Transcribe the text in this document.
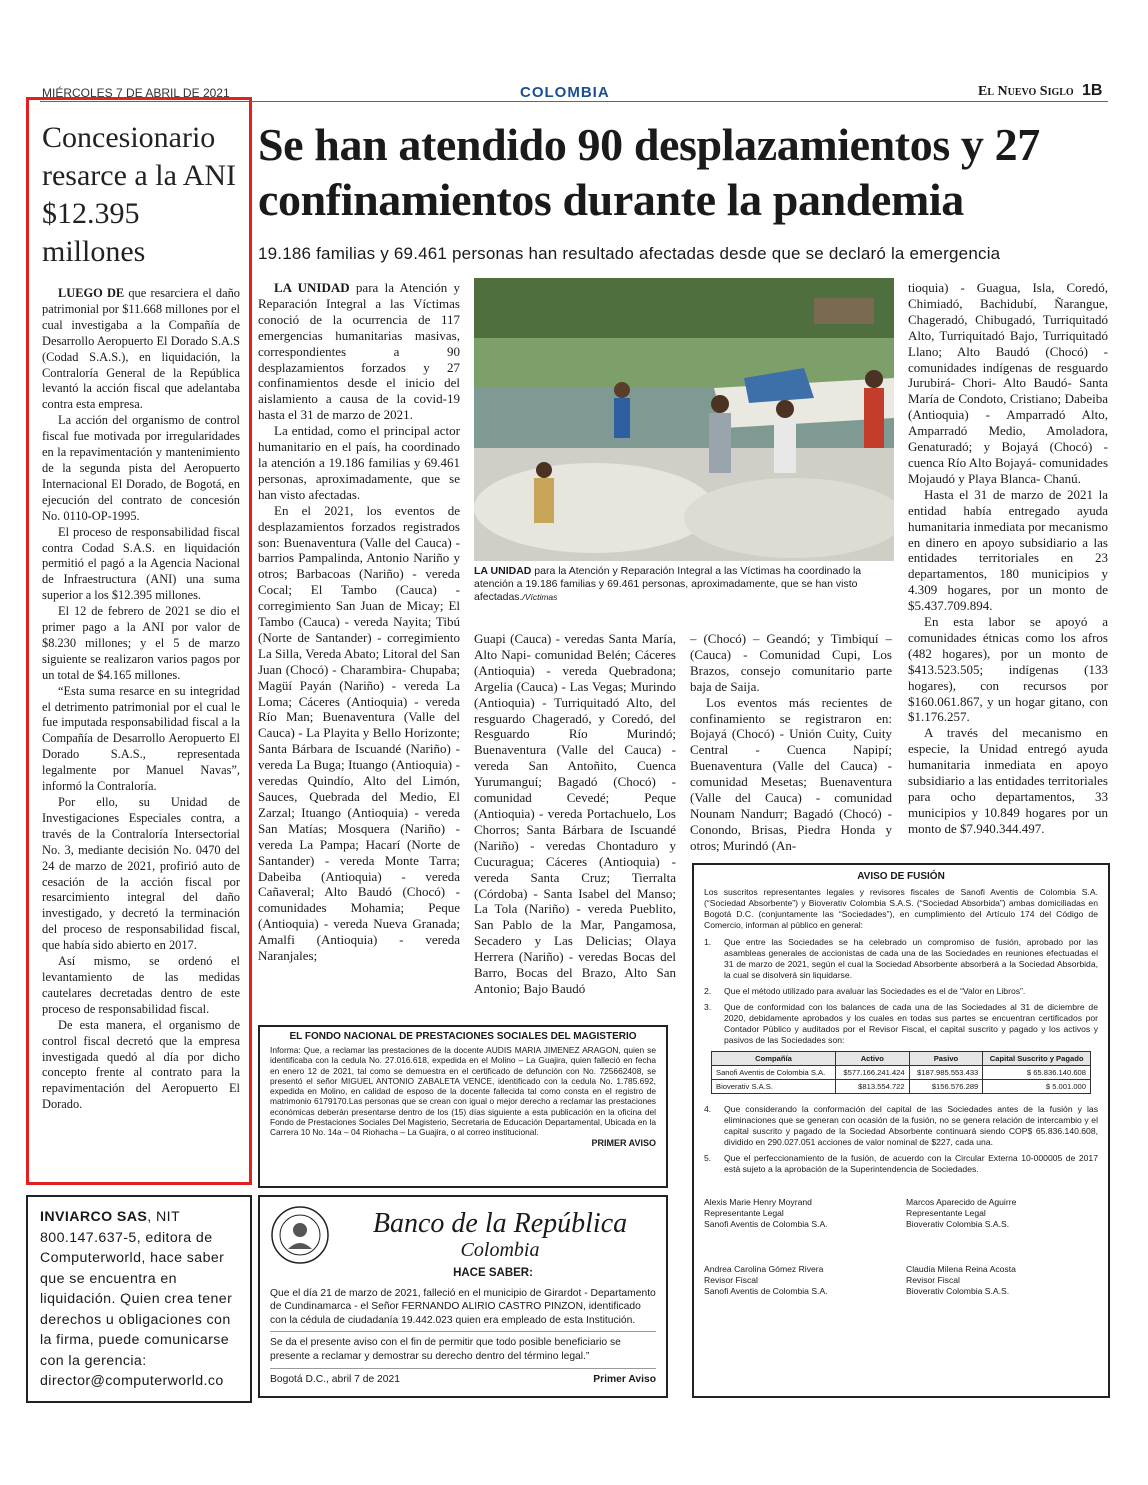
MIÉRCOLES 7 DE ABRIL DE 2021	COLOMBIA	El Nuevo Siglo 1B
Concesionario resarce a la ANI $12.395 millones

LUEGO DE que resarciera el daño patrimonial por $11.668 millones por el cual investigaba a la Compañía de Desarrollo Aeropuerto El Dorado S.A.S (Codad S.A.S.), en liquidación, la Contraloría General de la República levantó la acción fiscal que adelantaba contra esta empresa.

La acción del organismo de control fiscal fue motivada por irregularidades en la repavimentación y mantenimiento de la segunda pista del Aeropuerto Internacional El Dorado, de Bogotá, en ejecución del contrato de concesión No. 0110-OP-1995.

El proceso de responsabilidad fiscal contra Codad S.A.S. en liquidación permitió el pagó a la Agencia Nacional de Infraestructura (ANI) una suma superior a los $12.395 millones.

El 12 de febrero de 2021 se dio el primer pago a la ANI por valor de $8.230 millones; y el 5 de marzo siguiente se realizaron varios pagos por un total de $4.165 millones.

“Esta suma resarce en su integridad el detrimento patrimonial por el cual le fue imputada responsabilidad fiscal a la Compañía de Desarrollo Aeropuerto El Dorado S.A.S., representada legalmente por Manuel Navas”, informó la Contraloría.

Por ello, su Unidad de Investigaciones Especiales contra, a través de la Contraloría Intersectorial No. 3, mediante decisión No. 0470 del 24 de marzo de 2021, profirió auto de cesación de la acción fiscal por resarcimiento integral del daño investigado, y decretó la terminación del proceso de responsabilidad fiscal, que había sido abierto en 2017.

Así mismo, se ordenó el levantamiento de las medidas cautelares decretadas dentro de este proceso de responsabilidad fiscal.

De esta manera, el organismo de control fiscal decretó que la empresa investigada quedó al día por dicho concepto frente al contrato para la repavimentación del Aeropuerto El Dorado.

Se han atendido 90 desplazamientos y 27 confinamientos durante la pandemia
19.186 familias y 69.461 personas han resultado afectadas desde que se declaró la emergencia

LA UNIDAD para la Atención y Reparación Integral a las Víctimas conoció de la ocurrencia de 117 emergencias humanitarias masivas, correspondientes a 90 desplazamientos forzados y 27 confinamientos desde el inicio del aislamiento a causa de la covid-19 hasta el 31 de marzo de 2021.

La entidad, como el principal actor humanitario en el país, ha coordinado la atención a 19.186 familias y 69.461 personas, aproximadamente, que se han visto afectadas.

En el 2021, los eventos de desplazamientos forzados registrados son: Buenaventura (Valle del Cauca) - barrios Pampalinda, Antonio Nariño y otros; Barbacoas (Nariño) - vereda Cocal; El Tambo (Cauca) - corregimiento San Juan de Micay; El Tambo (Cauca) - vereda Nayita; Tibú (Norte de Santander) - corregimiento La Silla, Vereda Abato; Litoral del San Juan (Chocó) - Charambira- Chupaba; Magüí Payán (Nariño) - vereda La Loma; Cáceres (Antioquia) - vereda Río Man; Buenaventura (Valle del Cauca) - La Playita y Bello Horizonte; Santa Bárbara de Iscuandé (Nariño) - vereda La Buga; Ituango (Antioquia) - veredas Quindío, Alto del Limón, Sauces, Quebrada del Medio, El Zarzal; Ituango (Antioquia) - vereda San Matías; Mosquera (Nariño) - vereda La Pampa; Hacarí (Norte de Santander) - vereda Monte Tarra; Dabeiba (Antioquia) - vereda Cañaveral; Alto Baudó (Chocó) - comunidades Mohamia; Peque (Antioquia) - vereda Nueva Granada; Amalfi (Antioquia) - vereda Naranjales;

LA UNIDAD para la Atención y Reparación Integral a las Víctimas ha coordinado la atención a 19.186 familias y 69.461 personas, aproximadamente, que se han visto afectadas./Víctimas

Guapi (Cauca) - veredas Santa María, Alto Napi- comunidad Belén; Cáceres (Antioquia) - vereda Quebradona; Argelia (Cauca) - Las Vegas; Murindo (Antioquia) - Turriquitadó Alto, del resguardo Chageradó, y Coredó, del Resguardo Río Murindó; Buenaventura (Valle del Cauca) - vereda San Antoñito, Cuenca Yurumanguí; Bagadó (Chocó) - comunidad Cevedé; Peque (Antioquia) - vereda Portachuelo, Los Chorros; Santa Bárbara de Iscuandé (Nariño) - veredas Chontaduro y Cucuragua; Cáceres (Antioquia) - vereda Santa Cruz; Tierralta (Córdoba) - Santa Isabel del Manso; La Tola (Nariño) - vereda Pueblito, San Pablo de la Mar, Pangamosa, Secadero y Las Delicias; Olaya Herrera (Nariño) - veredas Bocas del Barro, Bocas del Brazo, Alto San Antonio; Bajo Baudó

– (Chocó) – Geandó; y Timbiquí – (Cauca) - Comunidad Cupi, Los Brazos, consejo comunitario parte baja de Saija.

Los eventos más recientes de confinamiento se registraron en: Bojayá (Chocó) - Unión Cuity, Cuity Central - Cuenca Napipí; Buenaventura (Valle del Cauca) - comunidad Mesetas; Buenaventura (Valle del Cauca) - comunidad Nounam Nandurr; Bagadó (Chocó) - Conondo, Brisas, Piedra Honda y otros; Murindó (An-

tioquia) - Guagua, Isla, Coredó, Chimiadó, Bachidubí, Ñarangue, Chageradó, Chibugadó, Turriquitadó Alto, Turriquitadó Bajo, Turriquitadó Llano; Alto Baudó (Chocó) - comunidades indígenas de resguardo Jurubirá- Chori- Alto Baudó- Santa María de Condoto, Cristiano; Dabeiba (Antioquia) - Amparradó Alto, Amparradó Medio, Amoladora, Genaturadó; y Bojayá (Chocó) - cuenca Río Alto Bojayá- comunidades Mojaudó y Playa Blanca- Chanú.

Hasta el 31 de marzo de 2021 la entidad había entregado ayuda humanitaria inmediata por mecanismo en dinero en apoyo subsidiario a las entidades territoriales en 23 departamentos, 180 municipios y 4.309 hogares, por un monto de $5.437.709.894.

En esta labor se apoyó a comunidades étnicas como los afros (482 hogares), por un monto de $413.523.505; indígenas (133 hogares), con recursos por $160.061.867, y un hogar gitano, con $1.176.257.

A través del mecanismo en especie, la Unidad entregó ayuda humanitaria inmediata en apoyo subsidiario a las entidades territoriales para ocho departamentos, 33 municipios y 10.849 hogares por un monto de $7.940.344.497.

EL FONDO NACIONAL DE PRESTACIONES SOCIALES DEL MAGISTERIO
Informa: Que, a reclamar las prestaciones de la docente AUDIS MARIA JIMENEZ ARAGON, quien se identificaba con la cedula No. 27.016.618, expedida en el Molino – La Guajira, quien falleció en fecha en enero 12 de 2021, tal como se demuestra en el certificado de defunción con No. 725662408, se presentó el señor MIGUEL ANTONIO ZABALETA VENCE, identificado con la cedula No. 1.785.692, expedida en Molino, en calidad de esposo de la docente fallecida tal como consta en el registro de matrimonio 6179170.Las personas que se crean con igual o mejor derecho a reclamar las prestaciones económicas deberán presentarse dentro de los (15) días siguiente a esta publicación en la oficina del Fondo de Prestaciones Sociales Del Magisterio, Secretaria de Educación Departamental, Ubicada en la Carrera 10 No. 14a – 04 Riohacha – La Guajira, o al correo institucional.
PRIMER AVISO
Banco de la República
Colombia
HACE SABER:
Que el día 21 de marzo de 2021, falleció en el municipio de Girardot - Departamento de Cundinamarca - el Señor FERNANDO ALIRIO CASTRO PINZON, identificado con la cédula de ciudadanía 19.442.023 quien era empleado de esta Institución.
Se da el presente aviso con el fin de permitir que todo posible beneficiario se presente a reclamar y demostrar su derecho dentro del término legal.”
Bogotá D.C., abril 7 de 2021	Primer Aviso
INVIARCO SAS, NIT 800.147.637-5, editora de Computerworld, hace saber que se encuentra en liquidación. Quien crea tener derechos u obligaciones con la firma, puede comunicarse con la gerencia: director@computerworld.co
AVISO DE FUSIÓN
Los suscritos representantes legales y revisores fiscales de Sanofi Aventis de Colombia S.A. (“Sociedad Absorbente”) y Bioverativ Colombia S.A.S. (“Sociedad Absorbida”) ambas domiciliadas en Bogotá D.C. (conjuntamente las “Sociedades”), en cumplimiento del Artículo 174 del Código de Comercio, informan al público en general:
1.	Que entre las Sociedades se ha celebrado un compromiso de fusión, aprobado por las asambleas generales de accionistas de cada una de las Sociedades en reuniones efectuadas el 31 de marzo de 2021, según el cual la Sociedad Absorbente absorberá a la Sociedad Absorbida, la cual se disolverá sin liquidarse.
2.	Que el método utilizado para avaluar las Sociedades es el de “Valor en Libros”.
3.	Que de conformidad con los balances de cada una de las Sociedades al 31 de diciembre de 2020, debidamente aprobados y los cuales en todas sus partes se encuentran certificados por Contador Público y auditados por el Revisor Fiscal, el capital suscrito y pagado y los activos y pasivos de las Sociedades son:
Compañía	Activo	Pasivo	Capital Suscrito y Pagado
Sanofi Aventis de Colombia S.A.	$577.166.241.424	$187.985.553.433	$ 65.836.140.608
Bioverativ S.A.S.	$813.554.722	$156.576.289	$ 5.001.000
4.	Que considerando la conformación del capital de las Sociedades antes de la fusión y las eliminaciones que se generan con ocasión de la fusión, no se genera relación de intercambio y el capital suscrito y pagado de la Sociedad Absorbente continuará siendo COP$ 65.836.140.608, dividido en 290.027.051 acciones de valor nominal de $227, cada una.
5.	Que el perfeccionamiento de la fusión, de acuerdo con la Circular Externa 10-000005 de 2017 está sujeto a la aprobación de la Superintendencia de Sociedades.
Alexis Marie Henry Moyrand
Representante Legal
Sanofi Aventis de Colombia S.A.
Marcos Aparecido de Aguirre
Representante Legal
Bioverativ Colombia S.A.S.
Andrea Carolina Gómez Rivera
Revisor Fiscal
Sanofi Aventis de Colombia S.A.
Claudia Milena Reina Acosta
Revisor Fiscal
Bioverativ Colombia S.A.S.
